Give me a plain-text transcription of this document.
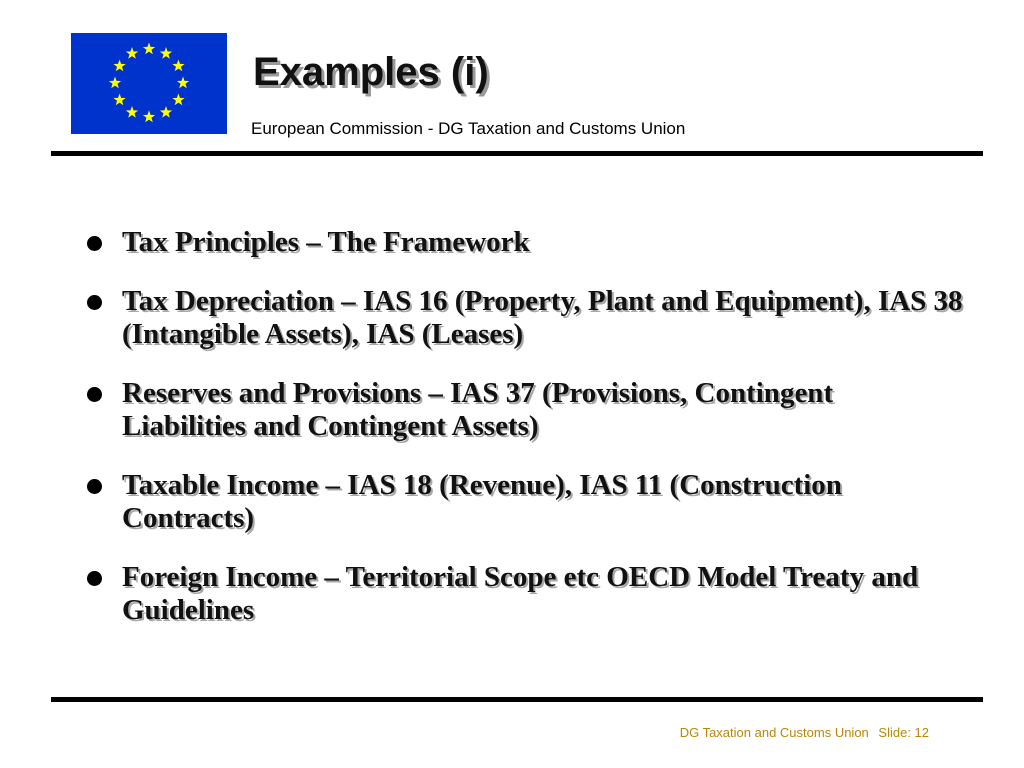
Examples (i)
European Commission - DG Taxation and Customs Union
Tax Principles – The Framework
Tax Depreciation – IAS 16 (Property, Plant and Equipment), IAS 38 (Intangible Assets), IAS (Leases)
Reserves and Provisions – IAS 37 (Provisions, Contingent Liabilities and Contingent Assets)
Taxable Income – IAS 18 (Revenue), IAS 11 (Construction Contracts)
Foreign Income – Territorial Scope etc OECD Model Treaty and Guidelines
DG Taxation and Customs Union Slide: 12
